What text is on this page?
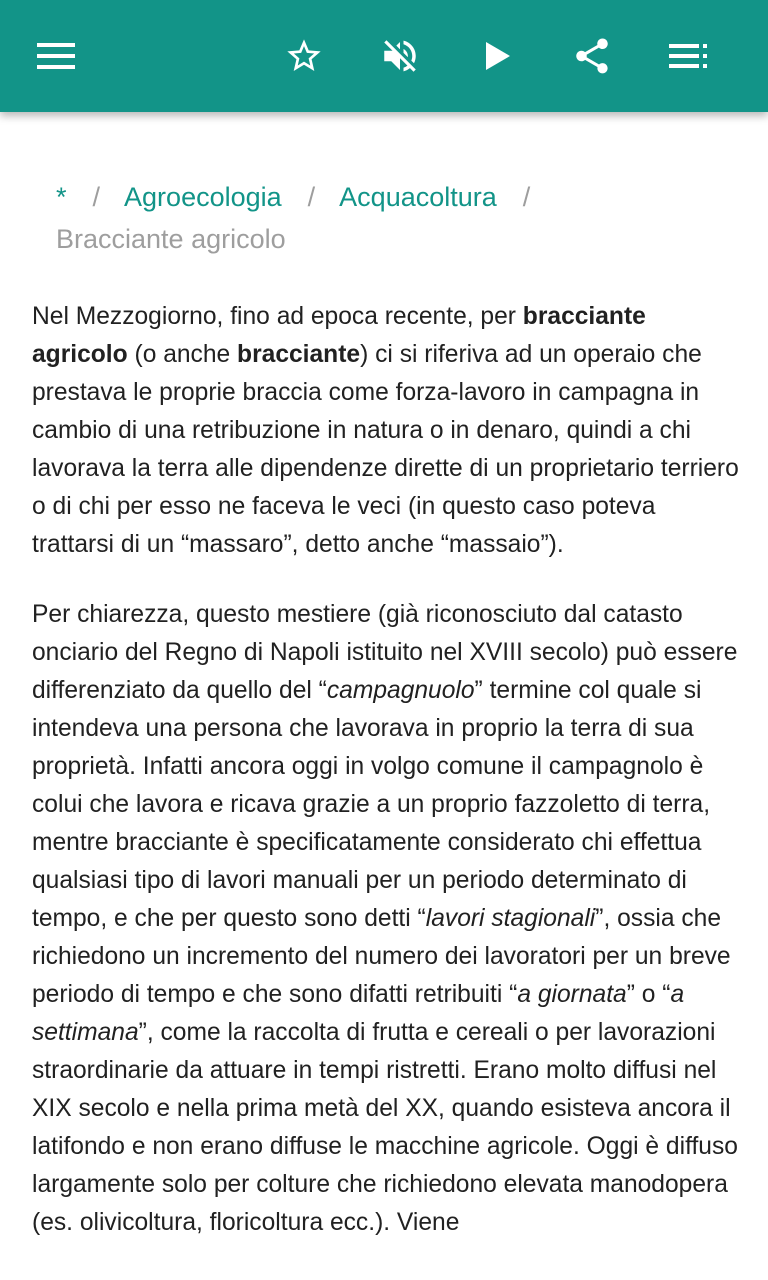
* / Agroecologia / Acquacoltura /
Bracciante agricolo

Nel Mezzogiorno, fino ad epoca recente, per bracciante agricolo (o anche bracciante) ci si riferiva ad un operaio che prestava le proprie braccia come forza-lavoro in campagna in cambio di una retribuzione in natura o in denaro, quindi a chi lavorava la terra alle dipendenze dirette di un proprietario terriero o di chi per esso ne faceva le veci (in questo caso poteva trattarsi di un “massaro”, detto anche “massaio”).

Per chiarezza, questo mestiere (già riconosciuto dal catasto onciario del Regno di Napoli istituito nel XVIII secolo) può essere differenziato da quello del “campagnuolo” termine col quale si intendeva una persona che lavorava in proprio la terra di sua proprietà. Infatti ancora oggi in volgo comune il campagnolo è colui che lavora e ricava grazie a un proprio fazzoletto di terra, mentre bracciante è specificatamente considerato chi effettua qualsiasi tipo di lavori manuali per un periodo determinato di tempo, e che per questo sono detti “lavori stagionali”, ossia che richiedono un incremento del numero dei lavoratori per un breve periodo di tempo e che sono difatti retribuiti “a giornata” o “a settimana”, come la raccolta di frutta e cereali o per lavorazioni straordinarie da attuare in tempi ristretti. Erano molto diffusi nel XIX secolo e nella prima metà del XX, quando esisteva ancora il latifondo e non erano diffuse le macchine agricole. Oggi è diffuso largamente solo per colture che richiedono elevata manodopera (es. olivicoltura, floricoltura ecc.). Viene
